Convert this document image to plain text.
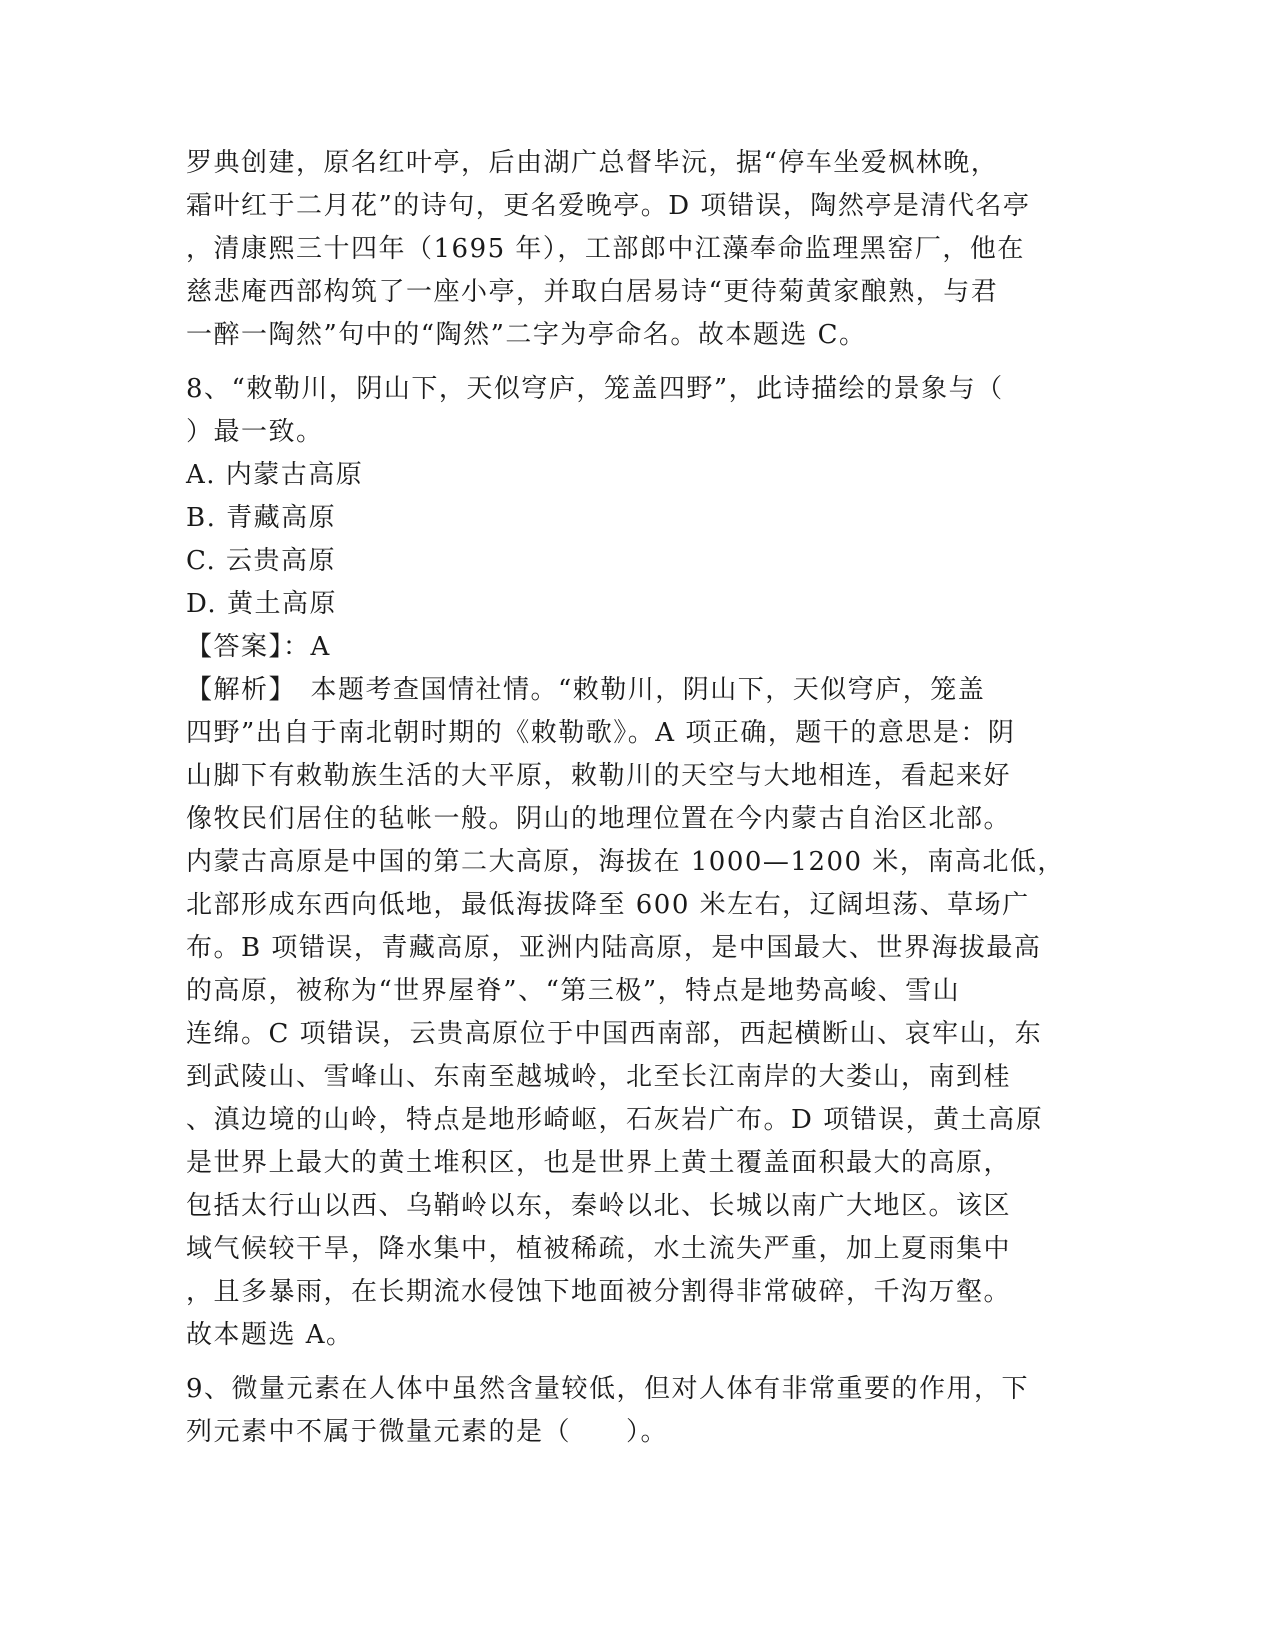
罗典创建，原名红叶亭，后由湖广总督毕沅，据“停车坐爱枫林晚，
霜叶红于二月花”的诗句，更名爱晚亭。D 项错误，陶然亭是清代名亭
，清康熙三十四年（1695 年），工部郎中江藻奉命监理黑窑厂，他在
慈悲庵西部构筑了一座小亭，并取白居易诗“更待菊黄家酿熟，与君
一醉一陶然”句中的“陶然”二字为亭命名。故本题选 C。
8、“敕勒川，阴山下，天似穹庐，笼盖四野”，此诗描绘的景象与（
）最一致。
A. 内蒙古高原
B. 青藏高原
C. 云贵高原
D. 黄土高原
【答案】：A
【解析】　本题考查国情社情。“敕勒川，阴山下，天似穹庐，笼盖
四野”出自于南北朝时期的《敕勒歌》。A 项正确，题干的意思是：阴
山脚下有敕勒族生活的大平原，敕勒川的天空与大地相连，看起来好
像牧民们居住的毡帐一般。阴山的地理位置在今内蒙古自治区北部。
内蒙古高原是中国的第二大高原，海拔在 1000—1200 米，南高北低，
北部形成东西向低地，最低海拔降至 600 米左右，辽阔坦荡、草场广
布。B 项错误，青藏高原，亚洲内陆高原，是中国最大、世界海拔最高
的高原，被称为“世界屋脊”、“第三极”，特点是地势高峻、雪山
连绵。C 项错误，云贵高原位于中国西南部，西起横断山、哀牢山，东
到武陵山、雪峰山、东南至越城岭，北至长江南岸的大娄山，南到桂
、滇边境的山岭，特点是地形崎岖，石灰岩广布。D 项错误，黄土高原
是世界上最大的黄土堆积区，也是世界上黄土覆盖面积最大的高原，
包括太行山以西、乌鞘岭以东，秦岭以北、长城以南广大地区。该区
域气候较干旱，降水集中，植被稀疏，水土流失严重，加上夏雨集中
，且多暴雨，在长期流水侵蚀下地面被分割得非常破碎，千沟万壑。
故本题选 A。
9、微量元素在人体中虽然含量较低，但对人体有非常重要的作用，下
列元素中不属于微量元素的是（　　）。
